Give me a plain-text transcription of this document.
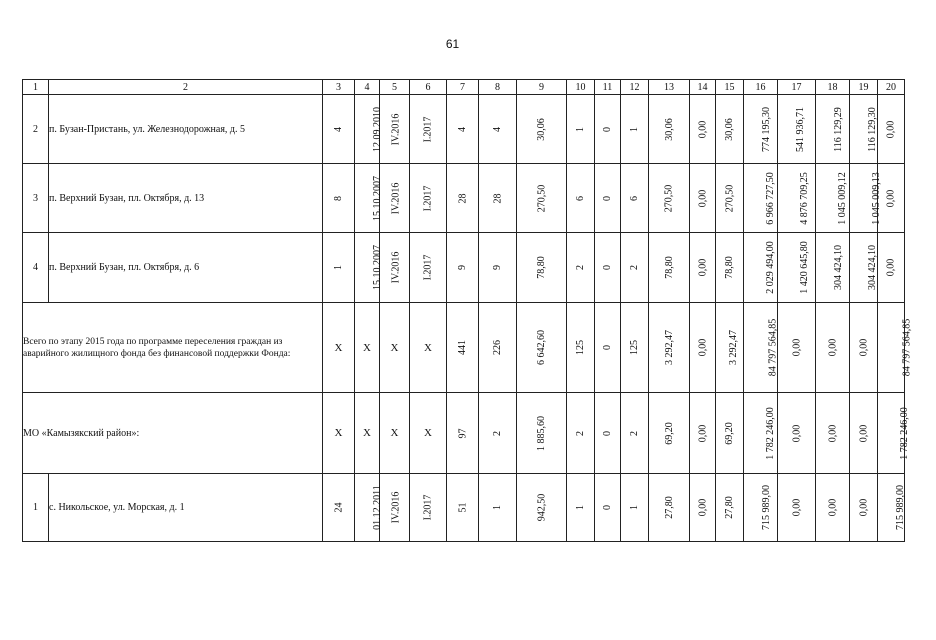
61
1	2	3	4	5	6	7	8	9	10	11	12	13	14	15	16	17	18	19	20
2	п. Бузан-Пристань, ул. Железнодорожная, д. 5	4	12.09.2010	IV.2016	I.2017	4	4	30,06	1	0	1	30,06	0,00	30,06	774 195,30	541 936,71	116 129,29	116 129,30	0,00
3	п. Верхний Бузан, пл. Октября, д. 13	8	15.10.2007	IV.2016	I.2017	28	28	270,50	6	0	6	270,50	0,00	270,50	6 966 727,50	4 876 709,25	1 045 009,12	1 045 009,13	0,00
4	п. Верхний Бузан, пл. Октября, д. 6	1	15.10.2007	IV.2016	I.2017	9	9	78,80	2	0	2	78,80	0,00	78,80	2 029 494,00	1 420 645,80	304 424,10	304 424,10	0,00
Всего по этапу 2015 года по программе переселения граждан из аварийного жилищного фонда без финансовой поддержки Фонда:		X	X	X	X	441	226	6 642,60	125	0	125	3 292,47	0,00	3 292,47	84 797 564,85	0,00	0,00	0,00	84 797 564,85
МО «Камызякский район»:		X	X	X	X	97	2	1 885,60	2	0	2	69,20	0,00	69,20	1 782 246,00	0,00	0,00	0,00	1 782 246,00
1	с. Никольское, ул. Морская, д. 1	24	01.12.2011	IV.2016	I.2017	51	1	942,50	1	0	1	27,80	0,00	27,80	715 989,00	0,00	0,00	0,00	715 989,00
